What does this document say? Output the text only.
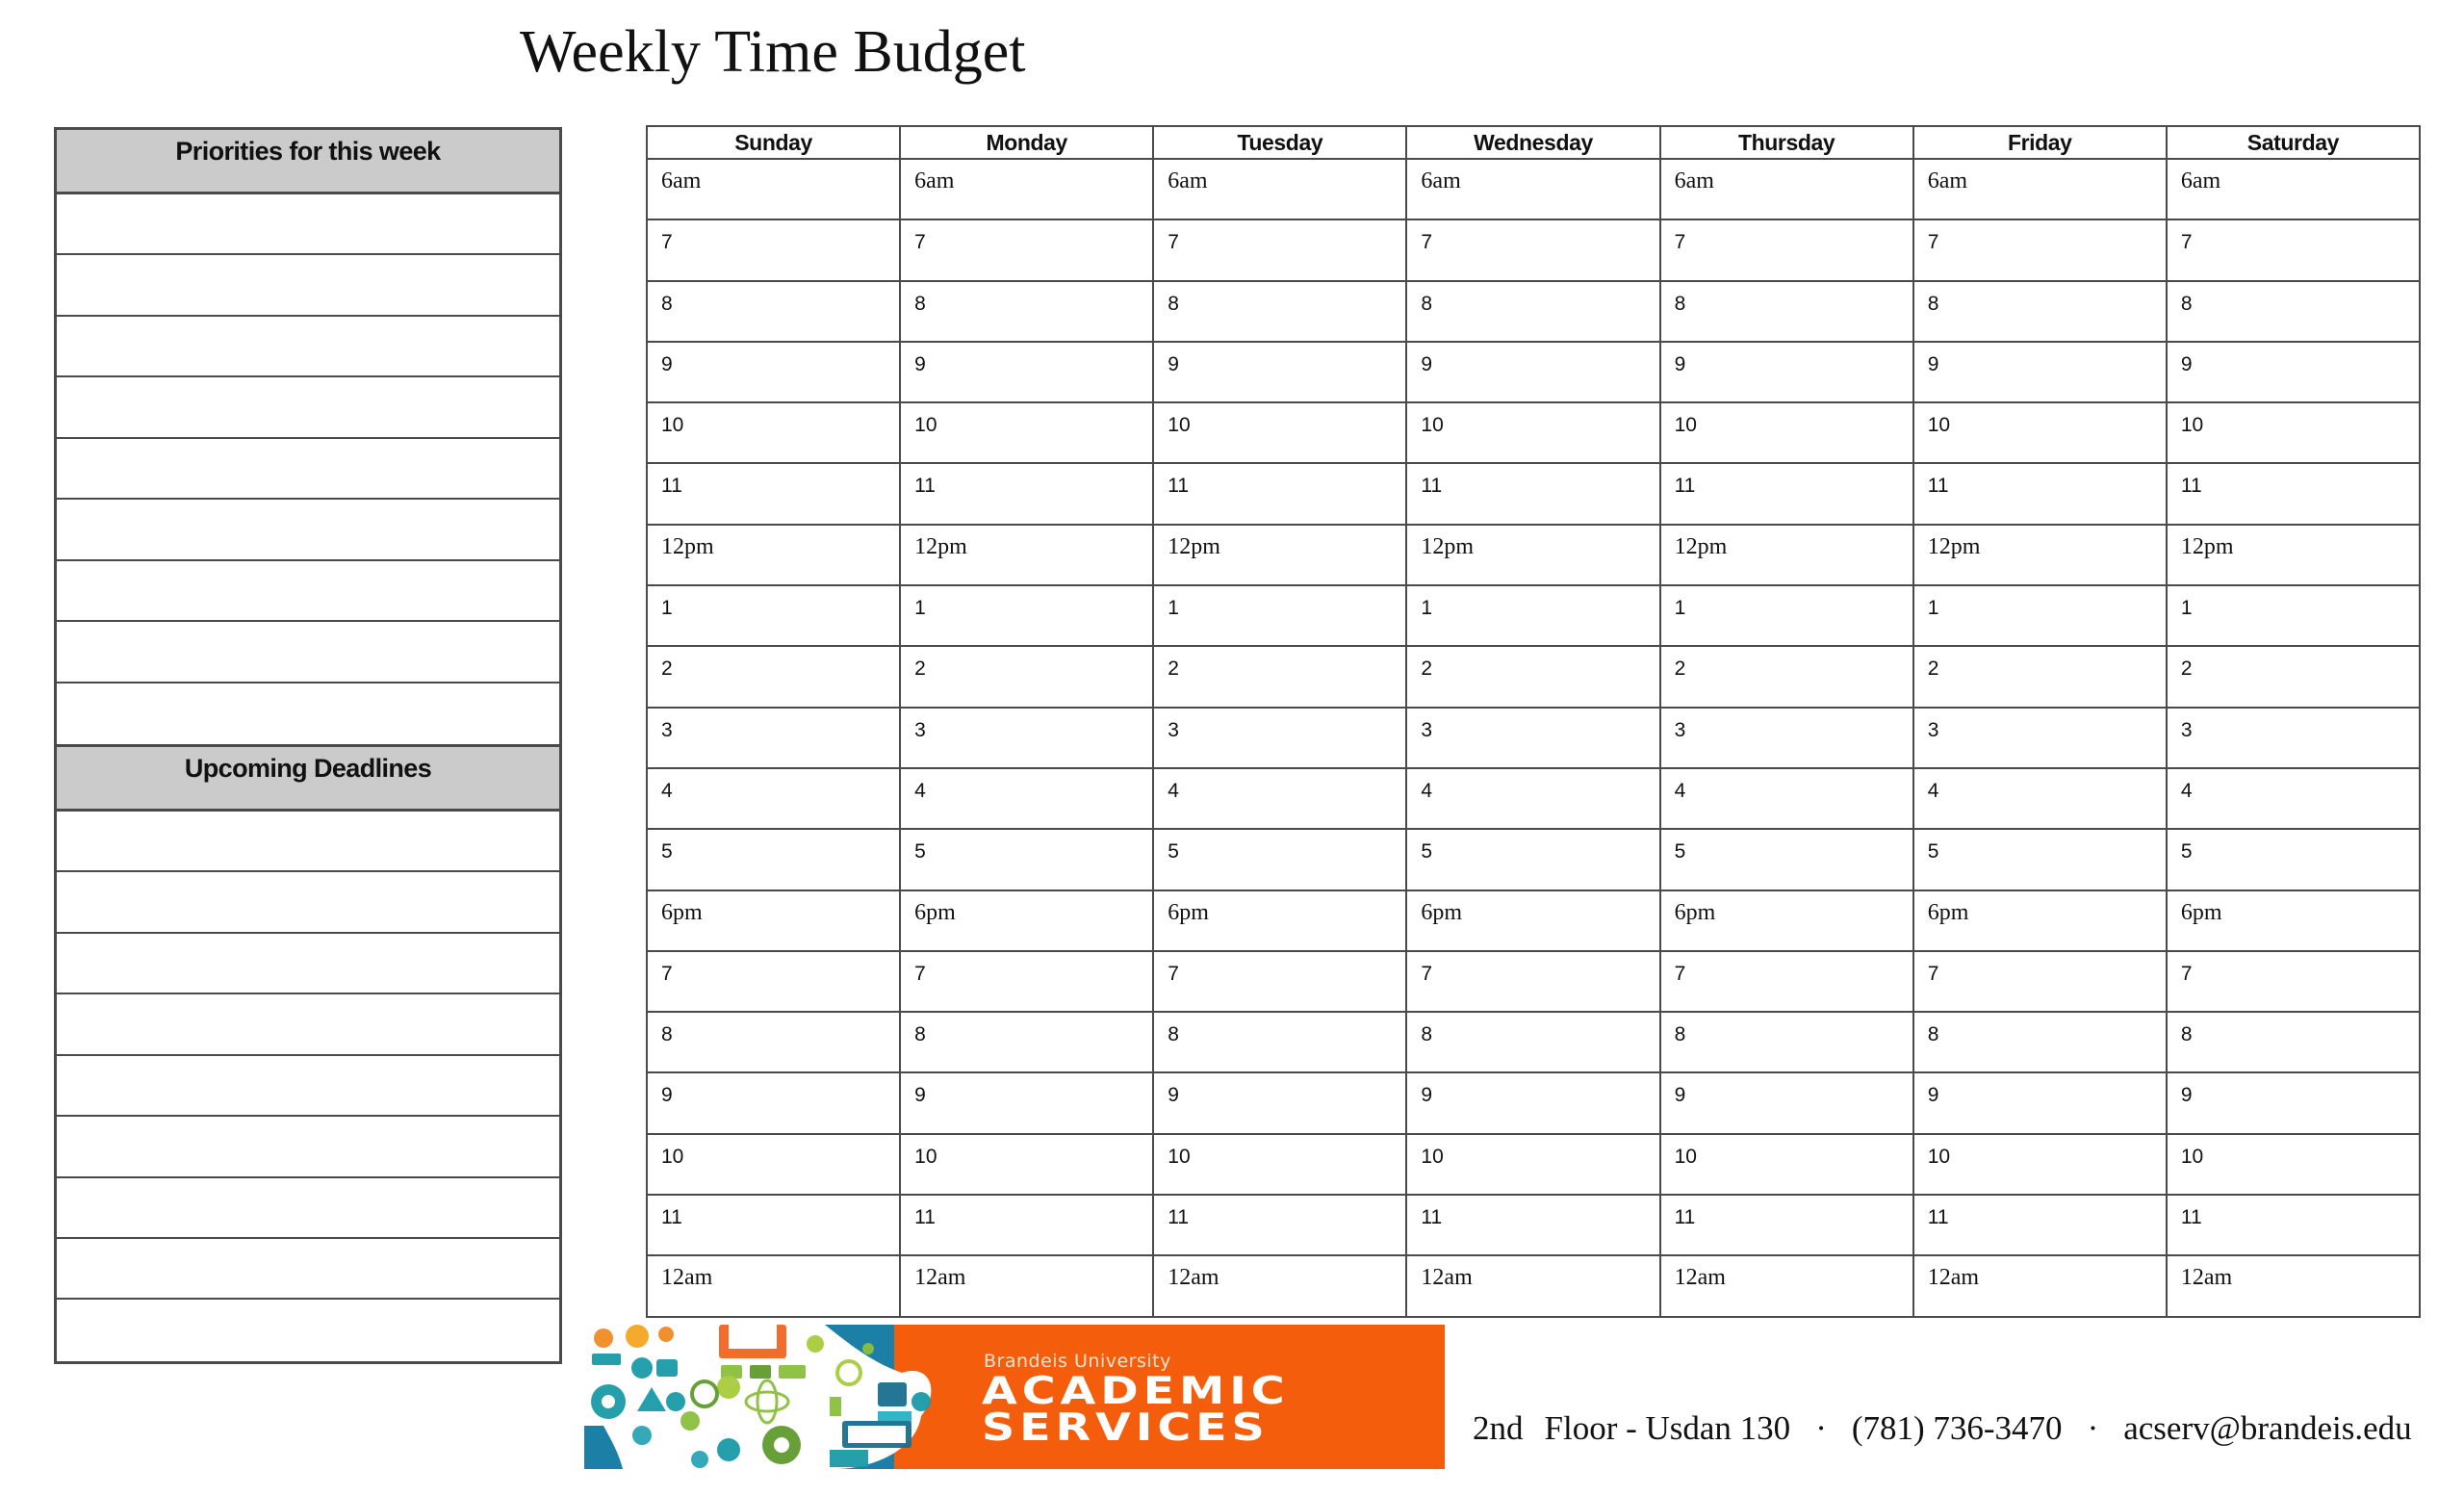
Weekly Time Budget
Priorities for this week
Upcoming Deadlines
Sunday	Monday	Tuesday	Wednesday	Thursday	Friday	Saturday

6am	6am	6am	6am	6am	6am	6am

7	7	7	7	7	7	7

8	8	8	8	8	8	8

9	9	9	9	9	9	9

10	10	10	10	10	10	10

11	11	11	11	11	11	11

12pm	12pm	12pm	12pm	12pm	12pm	12pm

1	1	1	1	1	1	1

2	2	2	2	2	2	2

3	3	3	3	3	3	3

4	4	4	4	4	4	4

5	5	5	5	5	5	5

6pm	6pm	6pm	6pm	6pm	6pm	6pm

7	7	7	7	7	7	7

8	8	8	8	8	8	8

9	9	9	9	9	9	9

10	10	10	10	10	10	10

11	11	11	11	11	11	11

12am	12am	12am	12am	12am	12am	12am
Brandeis University
ACADEMIC
SERVICES	2nd Floor - Usdan 130 · (781) 736-3470 · acserv@brandeis.edu
